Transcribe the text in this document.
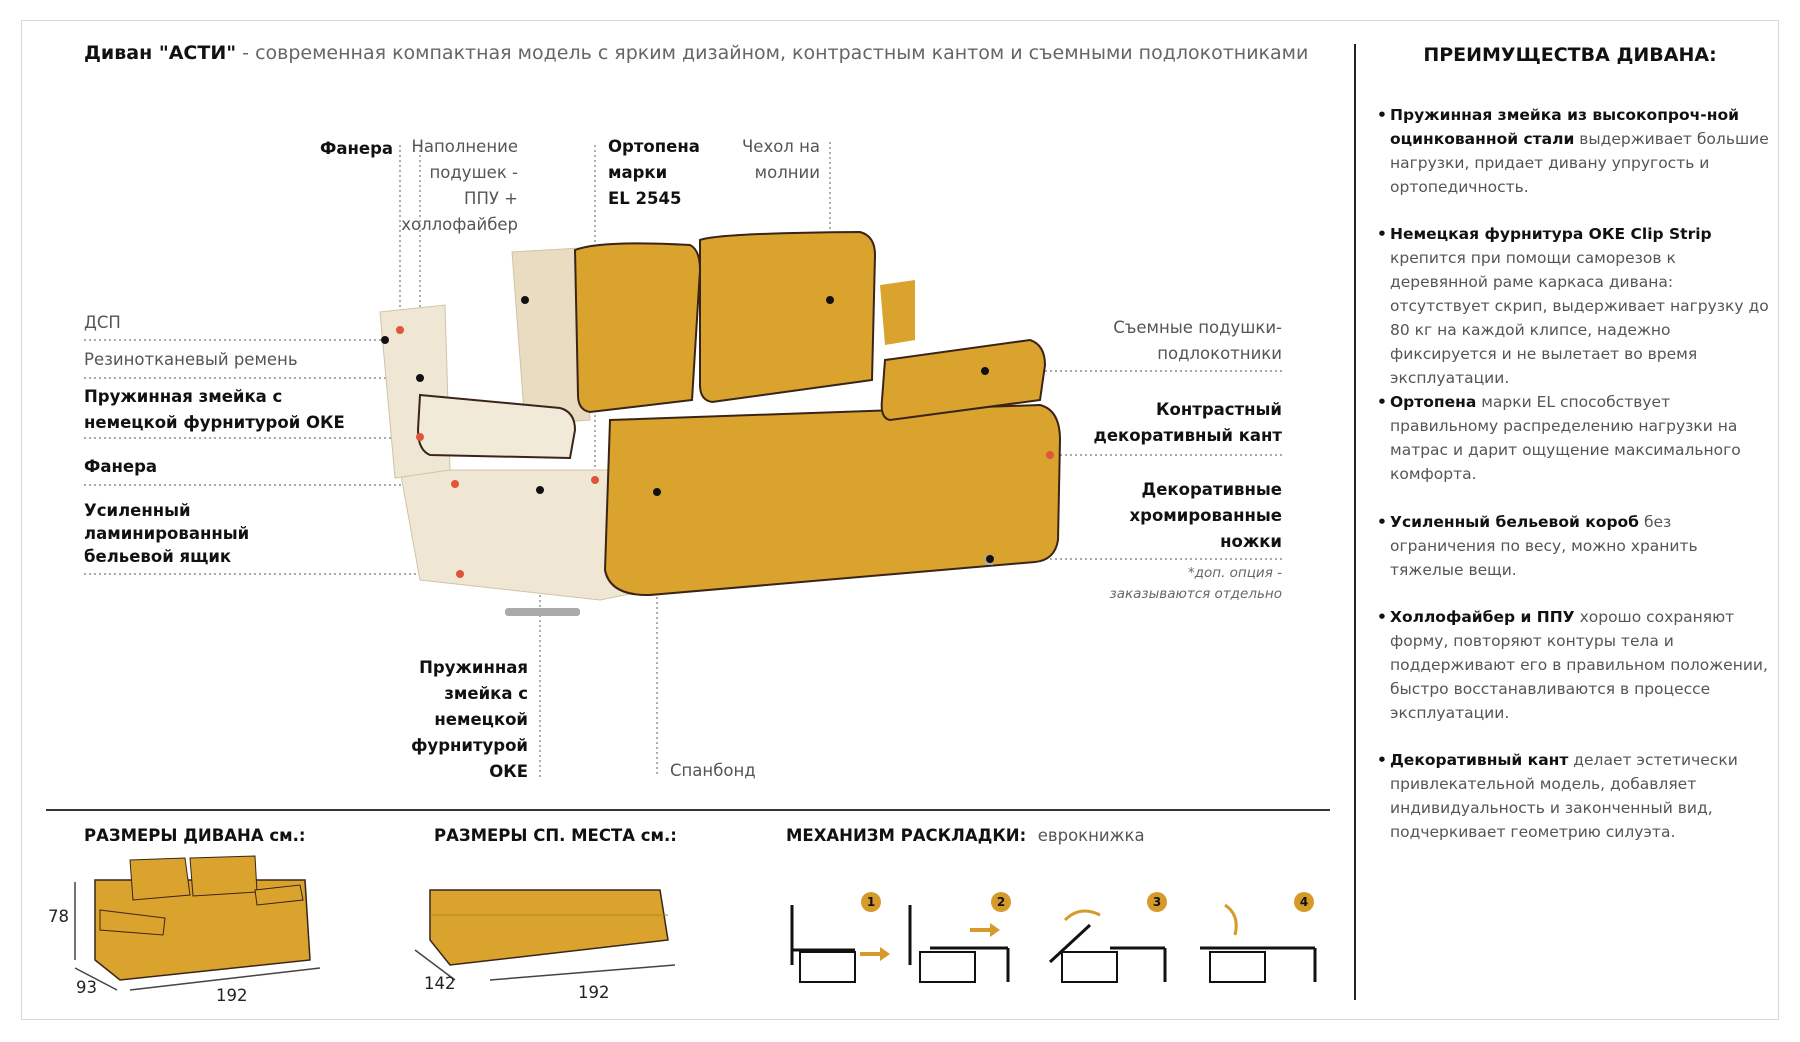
Диван "АСТИ" - современная компактная модель с ярким дизайном, контрастным кантом и съемными подлокотниками
Фанера	Наполнение
подушек -
ППУ +
холлофайбер
Ортопена
марки
EL 2545
Чехол на
молнии
ДСП
Резинотканевый ремень
Пружинная змейка с
немецкой фурнитурой ОКЕ
Фанера
Усиленный
ламинированный
бельевой ящик
Съемные подушки-
подлокотники
Контрастный
декоративный кант
Декоративные
хромированные
ножки
*доп. опция -
заказываются отдельно
Пружинная
змейка с
немецкой
фурнитурой
ОКЕ	Спанбонд
ПРЕИМУЩЕСТВА ДИВАНА:
• Пружинная змейка из высокопроч-ной оцинкованной стали выдерживает большие нагрузки, придает дивану упругость и ортопедичность.
• Немецкая фурнитура ОКЕ Clip Strip крепится при помощи саморезов к деревянной раме каркаса дивана: отсутствует скрип, выдерживает нагрузку до 80 кг на каждой клипсе, надежно фиксируется и не вылетает во время эксплуатации.
• Ортопена марки EL способствует правильному распределению нагрузки на матрас и дарит ощущение максимального комфорта.
• Усиленный бельевой короб без ограничения по весу, можно хранить тяжелые вещи.
• Холлофайбер и ППУ хорошо сохраняют форму, повторяют контуры тела и поддерживают его в правильном положении, быстро восстанавливаются в процессе эксплуатации.
• Декоративный кант делает эстетически привлекательной модель, добавляет индивидуальность и законченный вид, подчеркивает геометрию силуэта.
РАЗМЕРЫ ДИВАНА см.:
78
93	192
РАЗМЕРЫ СП. МЕСТА см.:
142	192
МЕХАНИЗМ РАСКЛАДКИ: еврокнижка
1	2	3	4
